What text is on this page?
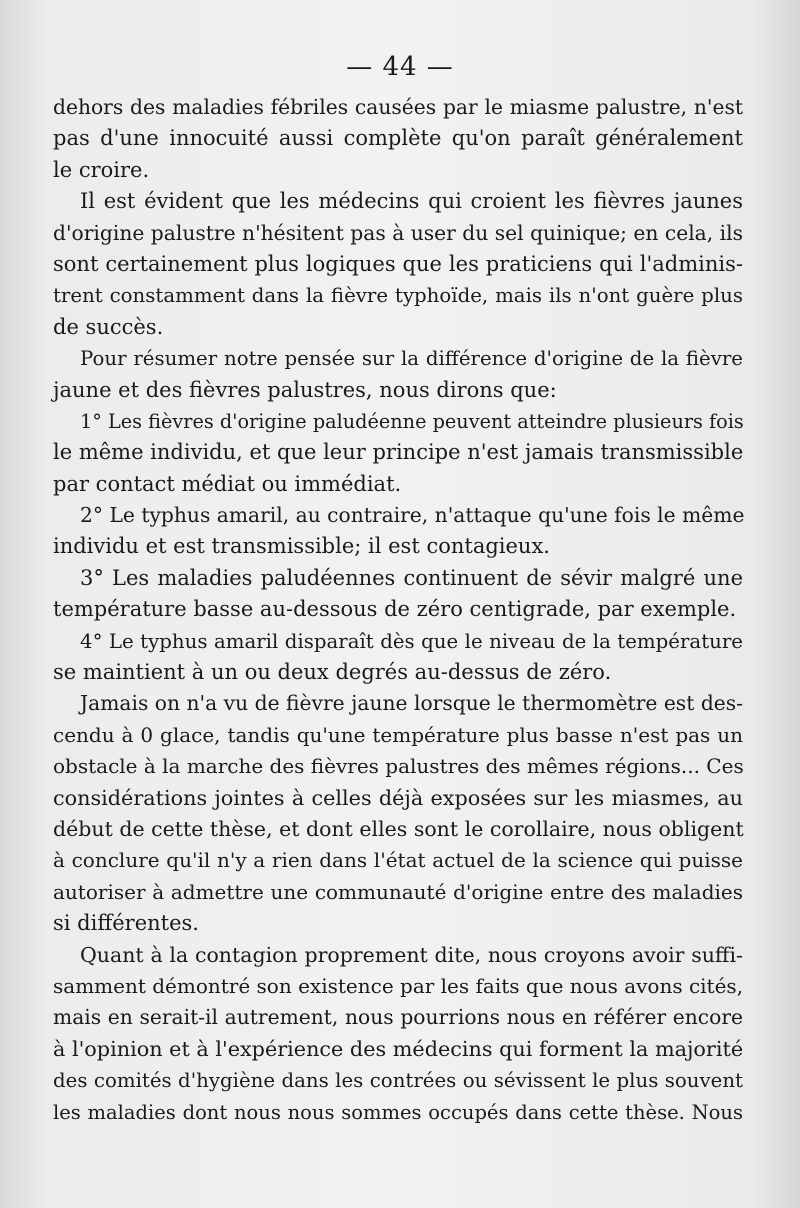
— 44 —
dehors des maladies fébriles causées par le miasme palustre, n'est
pas d'une innocuité aussi complète qu'on paraît généralement
le croire.
Il est évident que les médecins qui croient les fièvres jaunes
d'origine palustre n'hésitent pas à user du sel quinique; en cela, ils
sont certainement plus logiques que les praticiens qui l'adminis-
trent constamment dans la fièvre typhoïde, mais ils n'ont guère plus
de succès.
Pour résumer notre pensée sur la différence d'origine de la fièvre
jaune et des fièvres palustres, nous dirons que:
1° Les fièvres d'origine paludéenne peuvent atteindre plusieurs fois
le même individu, et que leur principe n'est jamais transmissible
par contact médiat ou immédiat.
2° Le typhus amaril, au contraire, n'attaque qu'une fois le même
individu et est transmissible; il est contagieux.
3° Les maladies paludéennes continuent de sévir malgré une
température basse au-dessous de zéro centigrade, par exemple.
4° Le typhus amaril disparaît dès que le niveau de la température
se maintient à un ou deux degrés au-dessus de zéro.
Jamais on n'a vu de fièvre jaune lorsque le thermomètre est des-
cendu à 0 glace, tandis qu'une température plus basse n'est pas un
obstacle à la marche des fièvres palustres des mêmes régions... Ces
considérations jointes à celles déjà exposées sur les miasmes, au
début de cette thèse, et dont elles sont le corollaire, nous obligent
à conclure qu'il n'y a rien dans l'état actuel de la science qui puisse
autoriser à admettre une communauté d'origine entre des maladies
si différentes.
Quant à la contagion proprement dite, nous croyons avoir suffi-
samment démontré son existence par les faits que nous avons cités,
mais en serait-il autrement, nous pourrions nous en référer encore
à l'opinion et à l'expérience des médecins qui forment la majorité
des comités d'hygiène dans les contrées ou sévissent le plus souvent
les maladies dont nous nous sommes occupés dans cette thèse. Nous
